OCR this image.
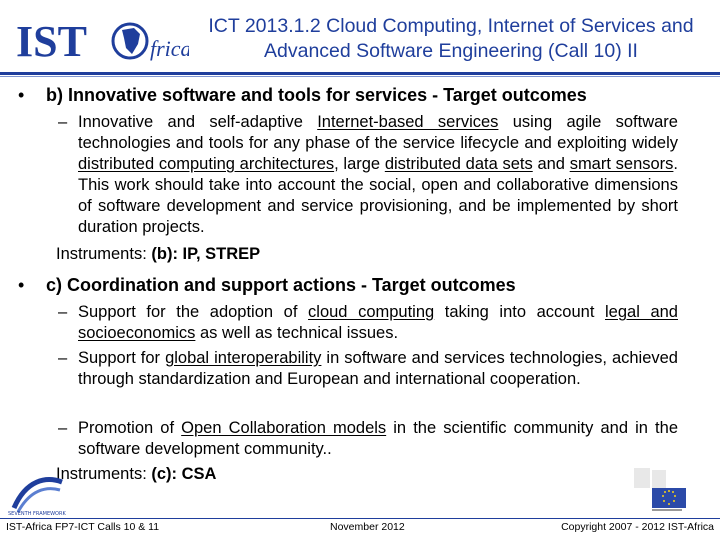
IST	frica
ICT 2013.1.2 Cloud Computing, Internet of Services and
Advanced Software Engineering (Call 10) II
• b) Innovative software and tools for services - Target outcomes
– Innovative and self-adaptive Internet-based services using agile software technologies and tools for any phase of the service lifecycle and exploiting widely distributed computing architectures, large distributed data sets and smart sensors. This work should take into account the social, open and collaborative dimensions of software development and service provisioning, and be implemented by short duration projects.
Instruments: (b): IP, STREP
• c) Coordination and support actions - Target outcomes
– Support for the adoption of cloud computing taking into account legal and socioeconomics as well as technical issues.
– Support for global interoperability in software and services technologies, achieved through standardization and European and international cooperation.
– Promotion of Open Collaboration models in the scientific community and in the software development community..
Instruments: (c): CSA
SEVENTH FRAMEWORK
IST-Africa FP7-ICT Calls 10 & 11	November 2012	Copyright 2007 - 2012 IST-Africa
